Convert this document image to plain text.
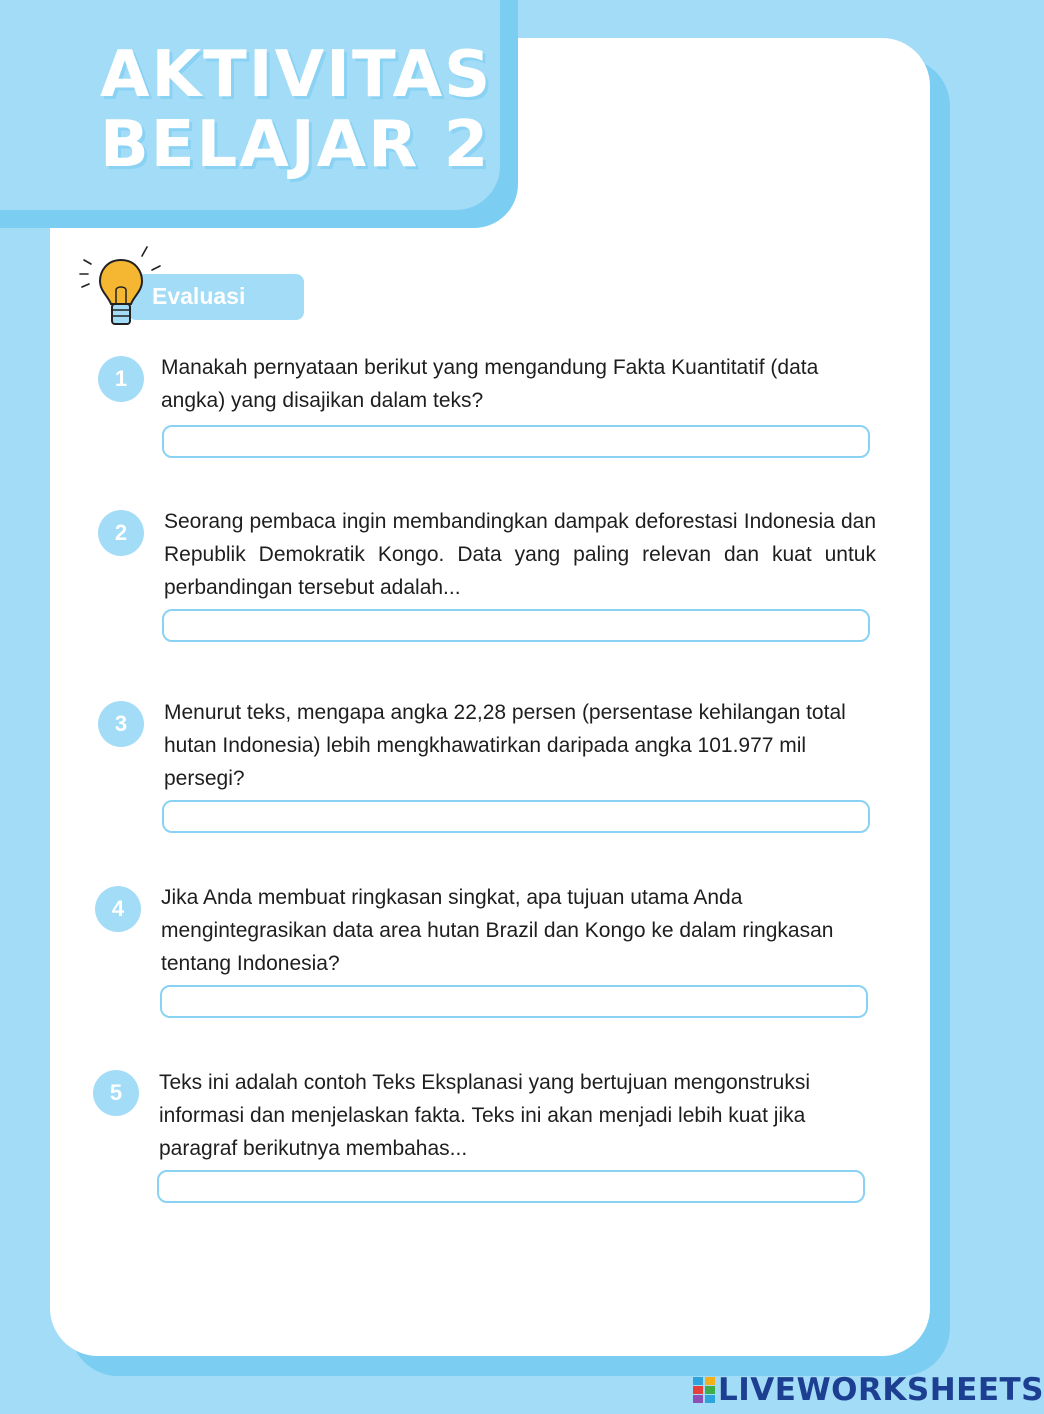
AKTIVITAS
BELAJAR 2
Evaluasi
1	Manakah pernyataan berikut yang mengandung Fakta Kuantitatif (data angka) yang disajikan dalam teks?

2	Seorang pembaca ingin membandingkan dampak deforestasi Indonesia dan Republik Demokratik Kongo. Data yang paling relevan dan kuat untuk perbandingan tersebut adalah...

3	Menurut teks, mengapa angka 22,28 persen (persentase kehilangan total hutan Indonesia) lebih mengkhawatirkan daripada angka 101.977 mil persegi?

4	Jika Anda membuat ringkasan singkat, apa tujuan utama Anda mengintegrasikan data area hutan Brazil dan Kongo ke dalam ringkasan tentang Indonesia?

5	Teks ini adalah contoh Teks Eksplanasi yang bertujuan mengonstruksi informasi dan menjelaskan fakta. Teks ini akan menjadi lebih kuat jika paragraf berikutnya membahas...

LIVEWORKSHEETS
